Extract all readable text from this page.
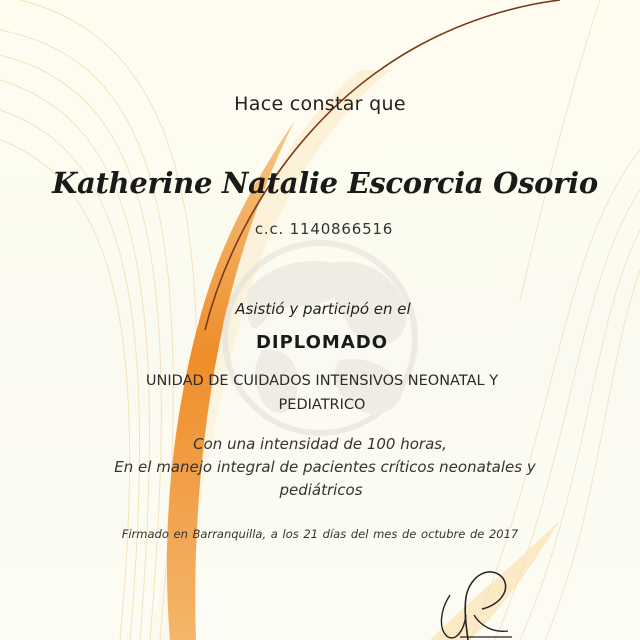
Hace constar que
Katherine Natalie Escorcia Osorio
c.c. 1140866516
Asistió y participó en el
DIPLOMADO
UNIDAD DE CUIDADOS INTENSIVOS NEONATAL Y
PEDIATRICO
Con una intensidad de 100 horas,
En el manejo integral de pacientes críticos neonatales y
pediátricos
Firmado en Barranquilla, a los 21 días del mes de octubre de 2017
